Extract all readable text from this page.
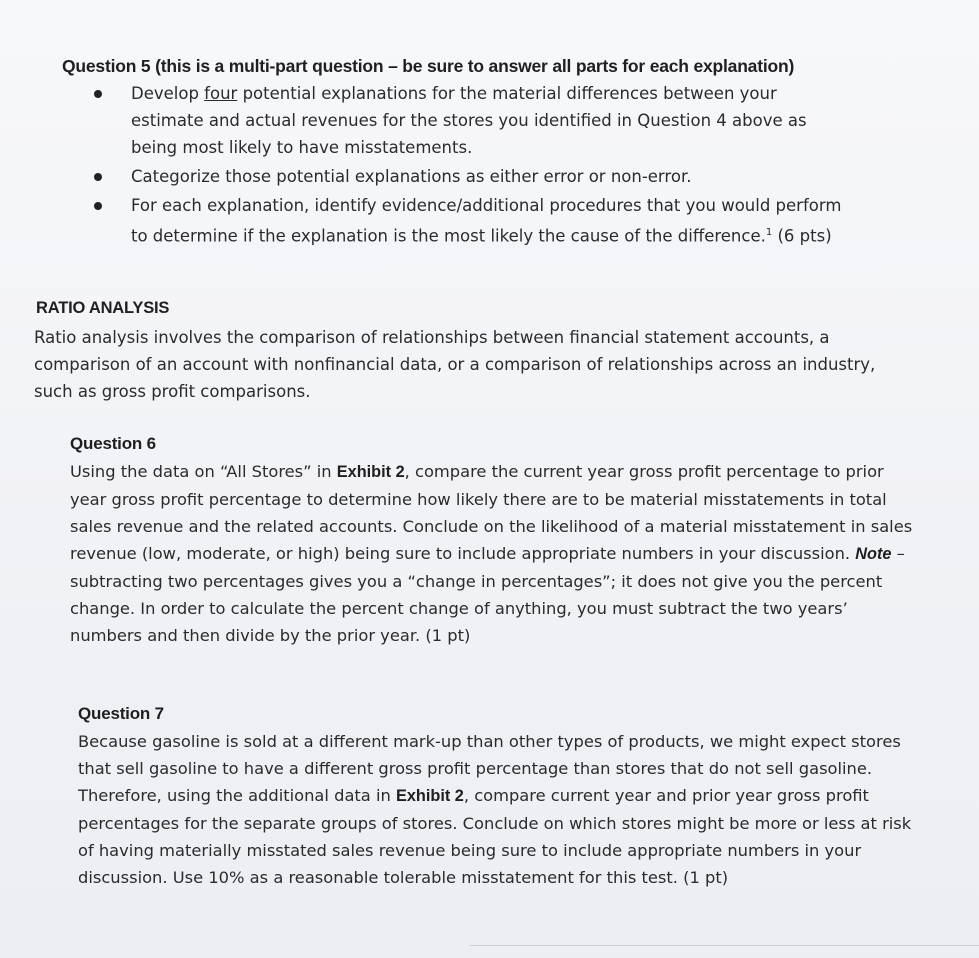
Question 5 (this is a multi-part question – be sure to answer all parts for each explanation)
Develop four potential explanations for the material differences between your estimate and actual revenues for the stores you identified in Question 4 above as being most likely to have misstatements.
Categorize those potential explanations as either error or non-error.
For each explanation, identify evidence/additional procedures that you would perform to determine if the explanation is the most likely the cause of the difference.$^1$ (6 pts)
RATIO ANALYSIS

Ratio analysis involves the comparison of relationships between financial statement accounts, a comparison of an account with nonfinancial data, or a comparison of relationships across an industry, such as gross profit comparisons.

Question 6

Using the data on “All Stores” in Exhibit 2, compare the current year gross profit percentage to prior year gross profit percentage to determine how likely there are to be material misstatements in total sales revenue and the related accounts. Conclude on the likelihood of a material misstatement in sales revenue (low, moderate, or high) being sure to include appropriate numbers in your discussion. Note – subtracting two percentages gives you a “change in percentages”; it does not give you the percent change. In order to calculate the percent change of anything, you must subtract the two years’ numbers and then divide by the prior year. (1 pt)

Question 7

Because gasoline is sold at a different mark-up than other types of products, we might expect stores that sell gasoline to have a different gross profit percentage than stores that do not sell gasoline. Therefore, using the additional data in Exhibit 2, compare current year and prior year gross profit percentages for the separate groups of stores. Conclude on which stores might be more or less at risk of having materially misstated sales revenue being sure to include appropriate numbers in your discussion. Use 10% as a reasonable tolerable misstatement for this test. (1 pt)
